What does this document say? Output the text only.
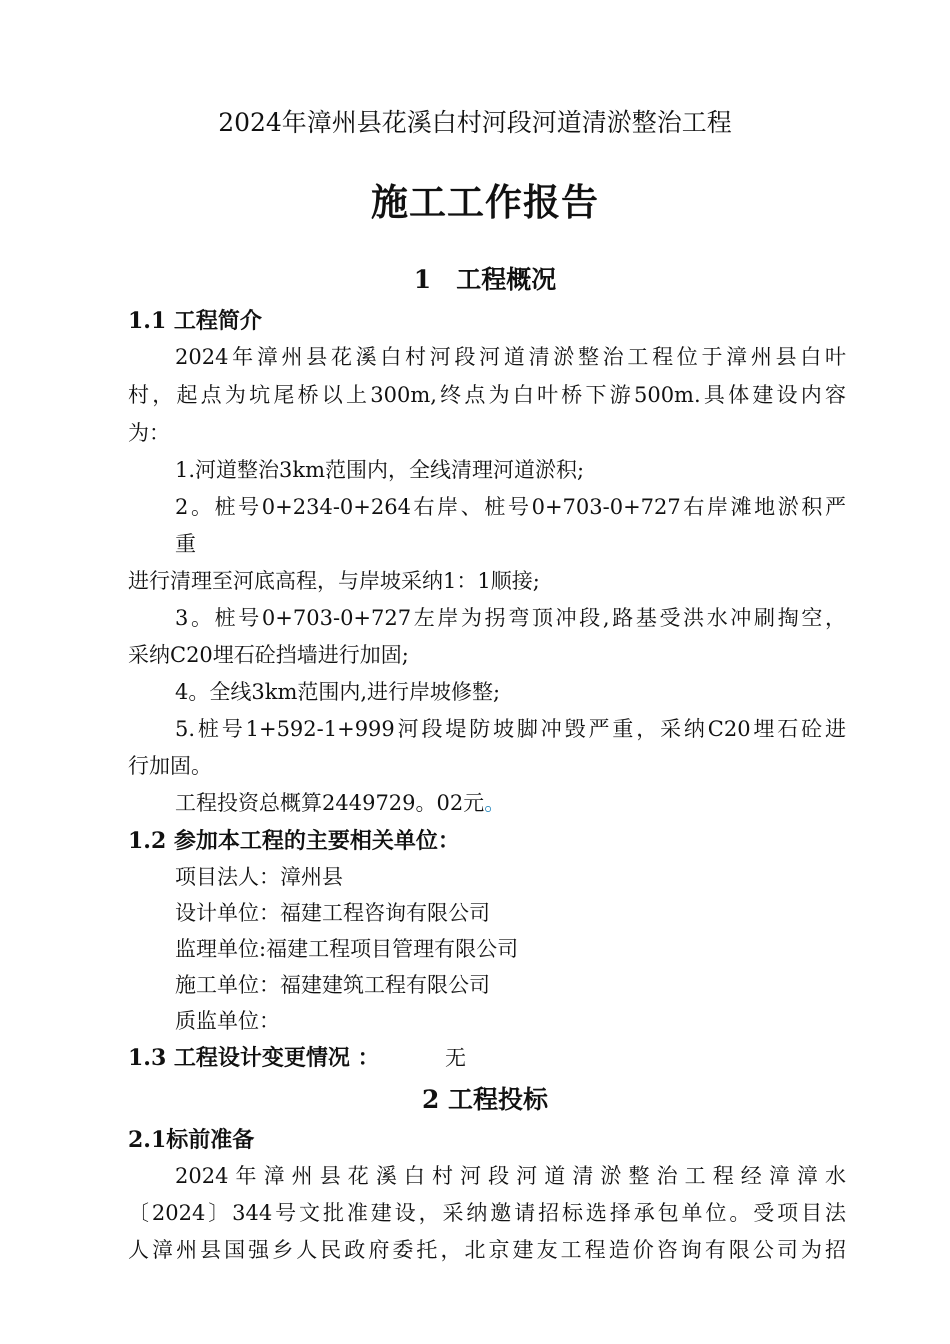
2024年漳州县花溪白村河段河道清淤整治工程
施工工作报告
1　工程概况
1.1 工程简介
2024年漳州县花溪白村河段河道清淤整治工程位于漳州县白叶
村，起点为坑尾桥以上300m,终点为白叶桥下游500m.具体建设内容
为：
1.河道整治3km范围内，全线清理河道淤积;
2。桩号0+234-0+264右岸、桩号0+703-0+727右岸滩地淤积严
重
进行清理至河底高程，与岸坡采纳1：1顺接;
3。桩号0+703-0+727左岸为拐弯顶冲段,路基受洪水冲刷掏空，
采纳C20埋石砼挡墙进行加固;
4。全线3km范围内,进行岸坡修整;
5.桩号1+592-1+999河段堤防坡脚冲毁严重，采纳C20埋石砼进
行加固。
工程投资总概算2449729。02元。
1.2 参加本工程的主要相关单位：
项目法人：漳州县
设计单位：福建工程咨询有限公司
监理单位:福建工程项目管理有限公司
施工单位：福建建筑工程有限公司
质监单位：
1.3 工程设计变更情况 ：	无
2 工程投标
2.1标前准备
2024年漳州县花溪白村河段河道清淤整治工程经漳漳水
〔2024〕344号文批准建设，采纳邀请招标选择承包单位。受项目法
人漳州县国强乡人民政府委托，北京建友工程造价咨询有限公司为招
